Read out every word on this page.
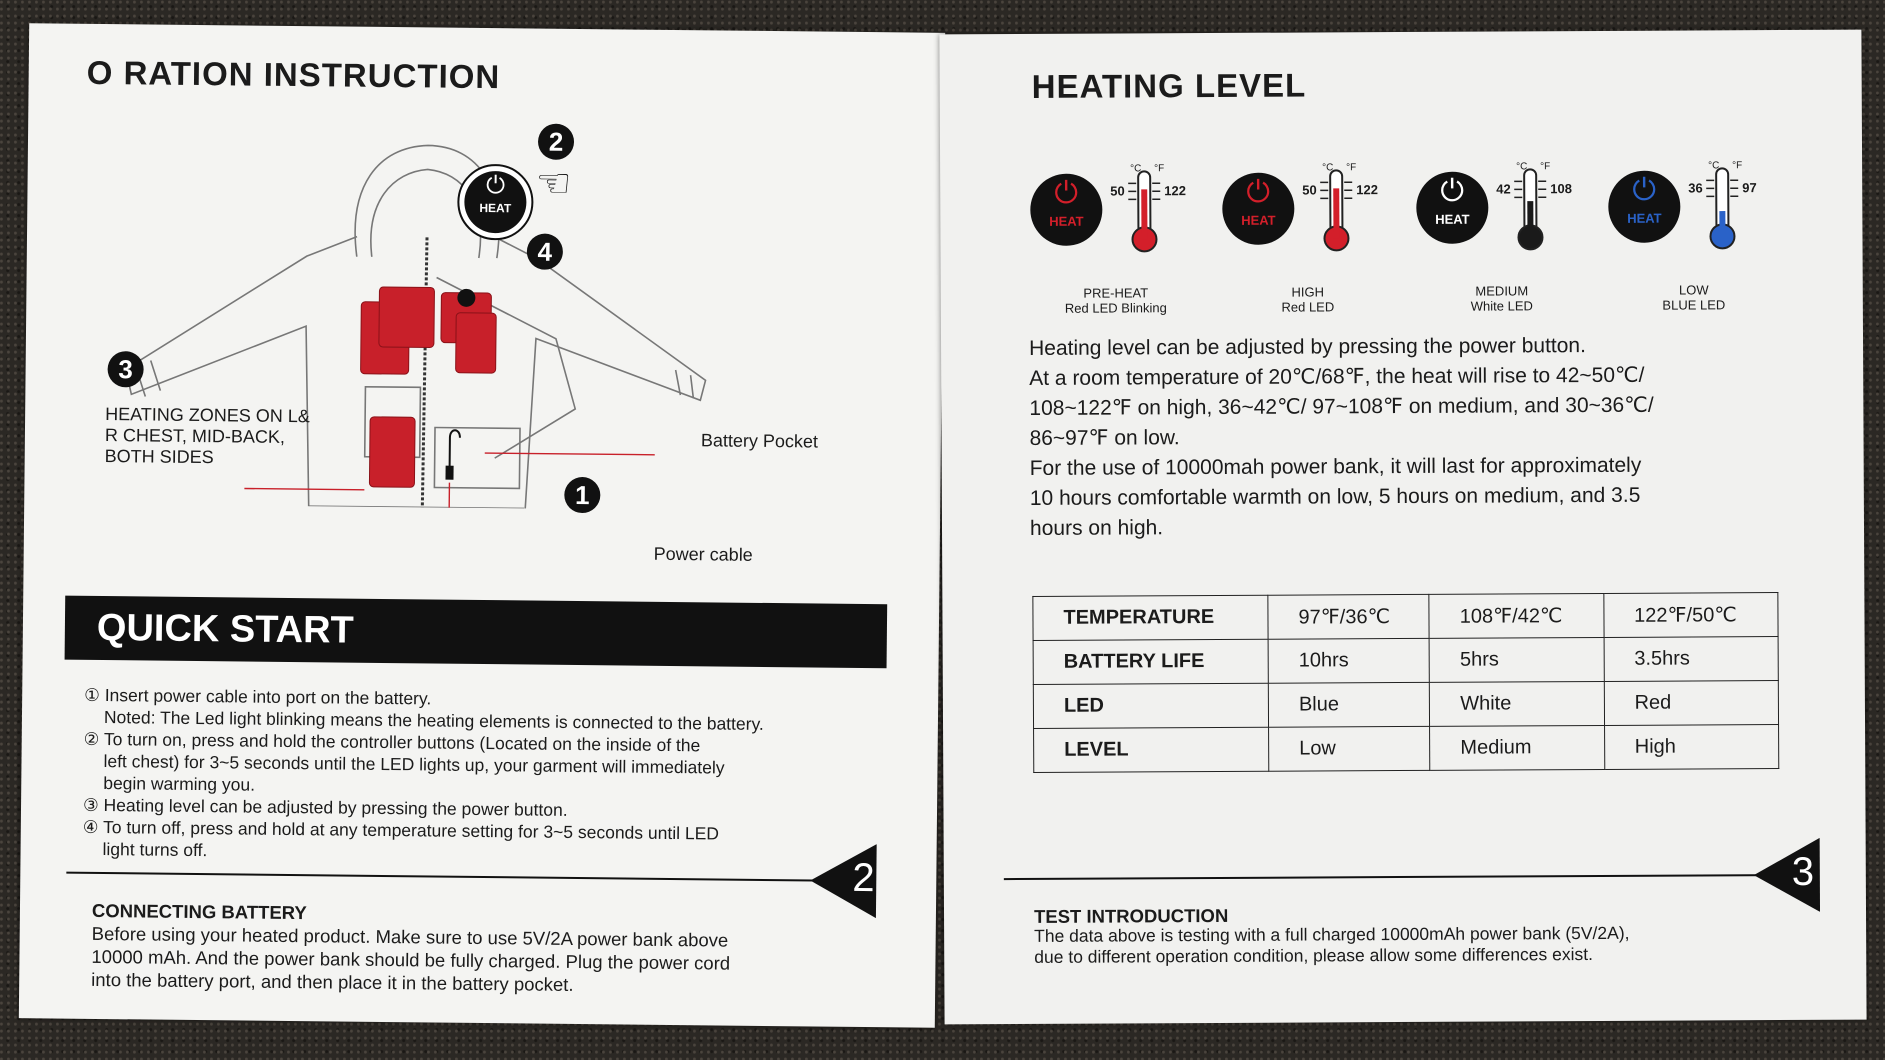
O RATION INSTRUCTION
⏻
HEAT
2
☜
4
3
1
HEATING ZONES ON L&
R CHEST, MID-BACK,
BOTH SIDES
Battery Pocket
Power cable
QUICK START

① Insert power cable into port on the battery.

Noted: The Led light blinking means the heating elements is connected to the battery.

② To turn on, press and hold the controller buttons (Located on the inside of the

left chest) for 3~5 seconds until the LED lights up, your garment will immediately

begin warming you.

③ Heating level can be adjusted by pressing the power button.

④ To turn off, press and hold at any temperature setting for 3~5 seconds until LED

light turns off.

2
CONNECTING BATTERY
Before using your heated product. Make sure to use 5V/2A power bank above
10000 mAh. And the power bank should be fully charged. Plug the power cord
into the battery port, and then place it in the battery pocket.
HEATING LEVEL
⏻
HEAT
°C °F
50	122
PRE-HEAT
Red LED Blinking
⏻
HEAT
°C °F
50	122
HIGH
Red LED
⏻
HEAT
°C °F
42	108
MEDIUM
White LED
⏻
HEAT
°C °F
36	97
LOW
BLUE LED

Heating level can be adjusted by pressing the power button.

At a room temperature of 20℃/68℉, the heat will rise to 42~50℃/

108~122℉ on high, 36~42℃/ 97~108℉ on medium, and 30~36℃/

86~97℉ on low.

For the use of 10000mah power bank, it will last for approximately

10 hours comfortable warmth on low, 5 hours on medium, and 3.5

hours on high.

TEMPERATURE	97℉/36℃	108℉/42℃	122℉/50℃
BATTERY LIFE	10hrs	5hrs	3.5hrs
LED	Blue	White	Red
LEVEL	Low	Medium	High
3
TEST INTRODUCTION
The data above is testing with a full charged 10000mAh power bank (5V/2A),
due to different operation condition, please allow some differences exist.
